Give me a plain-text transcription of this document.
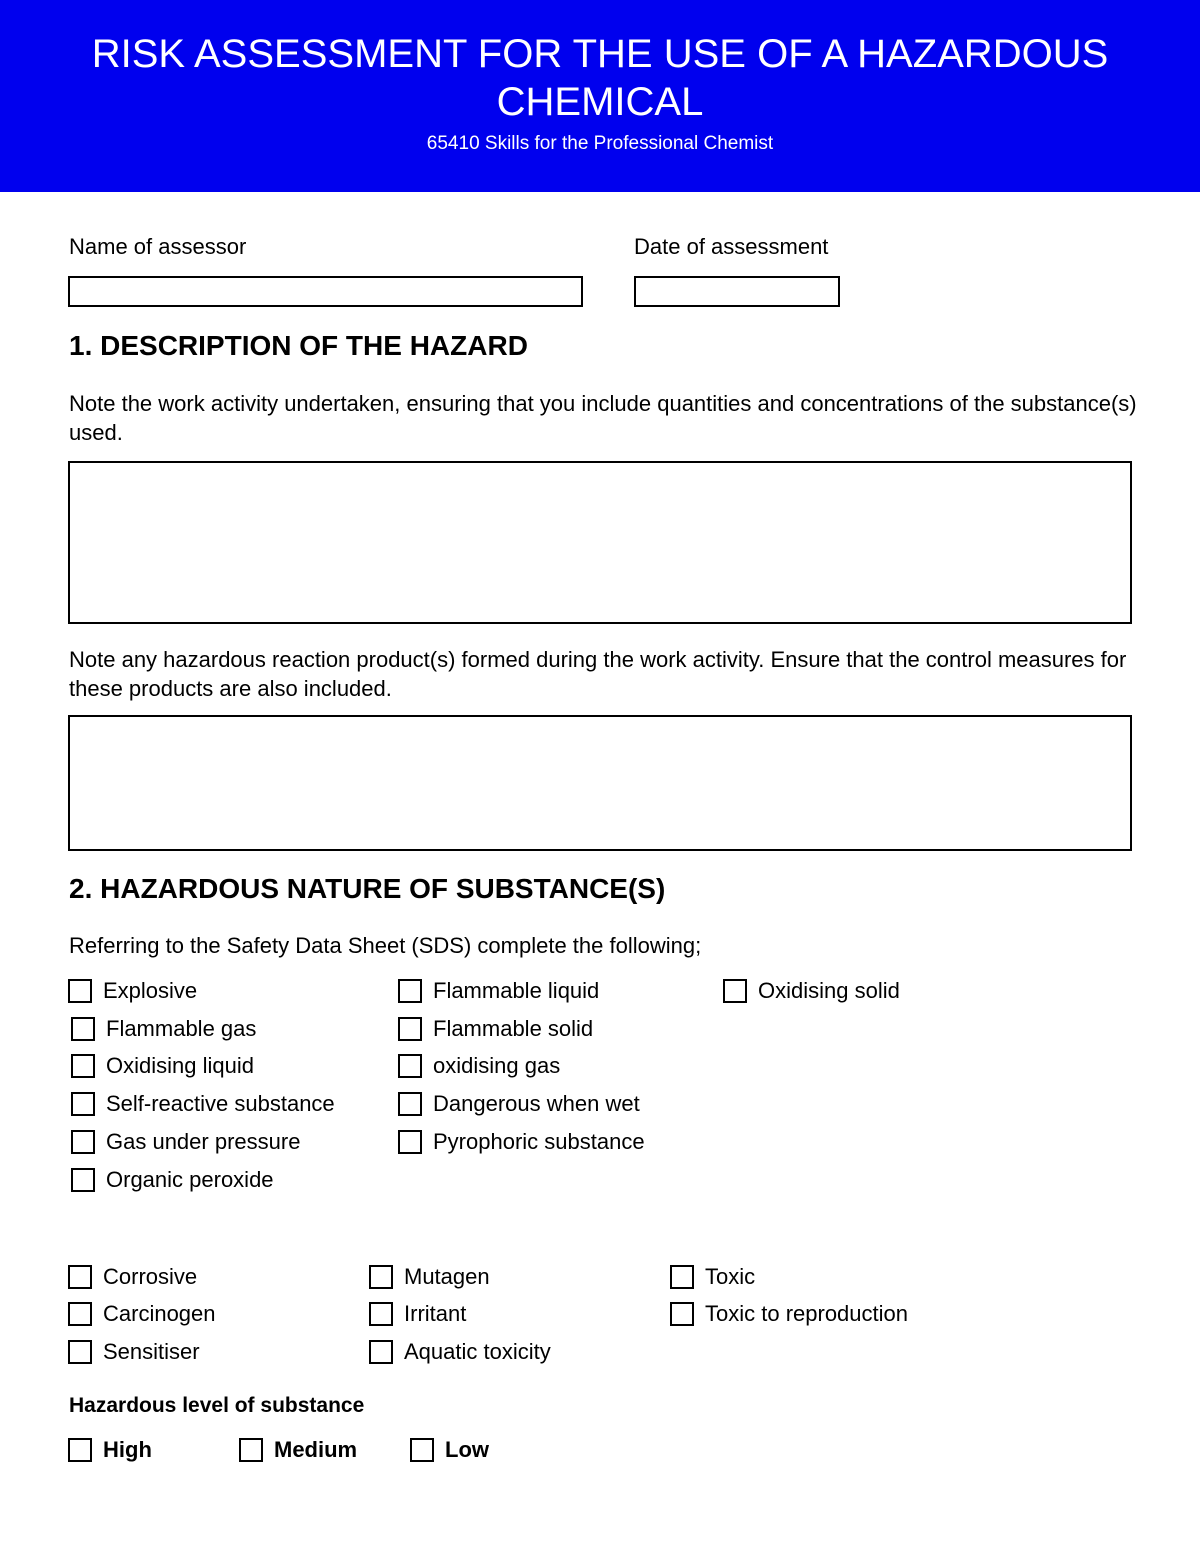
RISK ASSESSMENT FOR THE USE OF A HAZARDOUS CHEMICAL
65410 Skills for the Professional Chemist
Name of assessor	Date of assessment
1. DESCRIPTION OF THE HAZARD
Note the work activity undertaken, ensuring that you include quantities and concentrations of the substance(s) used.
Note any hazardous reaction product(s) formed during the work activity. Ensure that the control measures for these products are also included.
2. HAZARDOUS NATURE OF SUBSTANCE(S)
Referring to the Safety Data Sheet (SDS) complete the following;
Explosive	Flammable liquid	Oxidising solid
Flammable gas	Flammable solid
Oxidising liquid	oxidising gas
Self-reactive substance	Dangerous when wet
Gas under pressure	Pyrophoric substance
Organic peroxide
Corrosive	Mutagen	Toxic
Carcinogen	Irritant	Toxic to reproduction
Sensitiser	Aquatic toxicity
Hazardous level of substance
High	Medium	Low
